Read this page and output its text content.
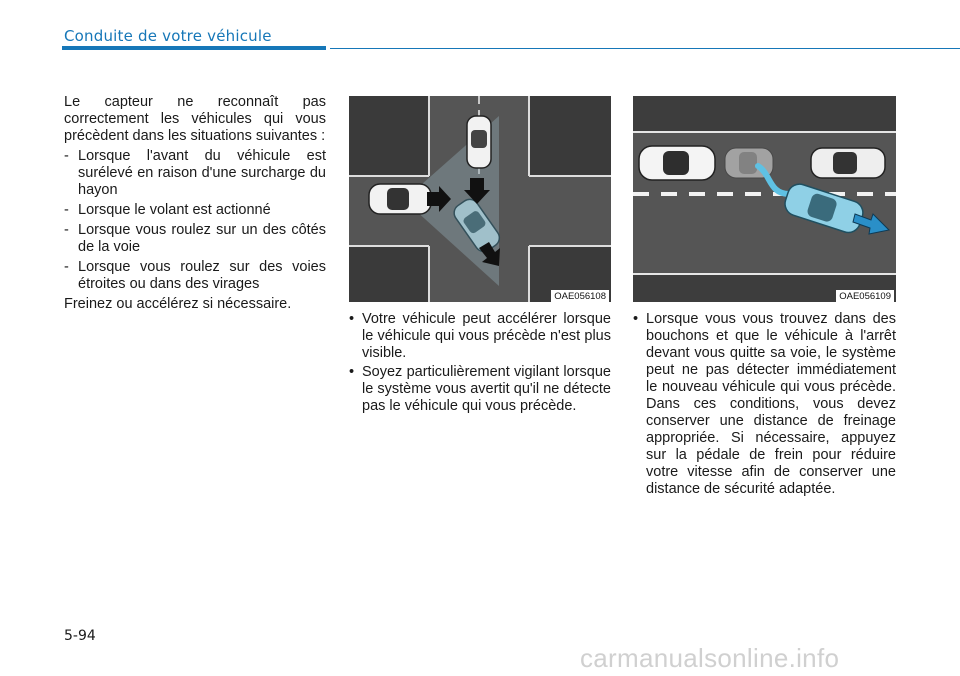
Conduite de votre véhicule

Le capteur ne reconnaît pas correctement les véhicules qui vous précèdent dans les situations suivantes :

- Lorsque l'avant du véhicule est surélevé en raison d'une surcharge du hayon
- Lorsque le volant est actionné
- Lorsque vous roulez sur un des côtés de la voie
- Lorsque vous roulez sur des voies étroites ou dans des virages

Freinez ou accélérez si nécessaire.	OAE056108	OAE056109
• Votre véhicule peut accélérer lorsque le véhicule qui vous précède n'est plus visible.
• Soyez particulièrement vigilant lorsque le système vous avertit qu'il ne détecte pas le véhicule qui vous précède.
• Lorsque vous vous trouvez dans des bouchons et que le véhicule à l'arrêt devant vous quitte sa voie, le système peut ne pas détecter immédiatement le nouveau véhicule qui vous précède. Dans ces conditions, vous devez conserver une distance de freinage appropriée. Si nécessaire, appuyez sur la pédale de frein pour réduire votre vitesse afin de conserver une distance de sécurité adaptée.
5-94
carmanualsonline.info
